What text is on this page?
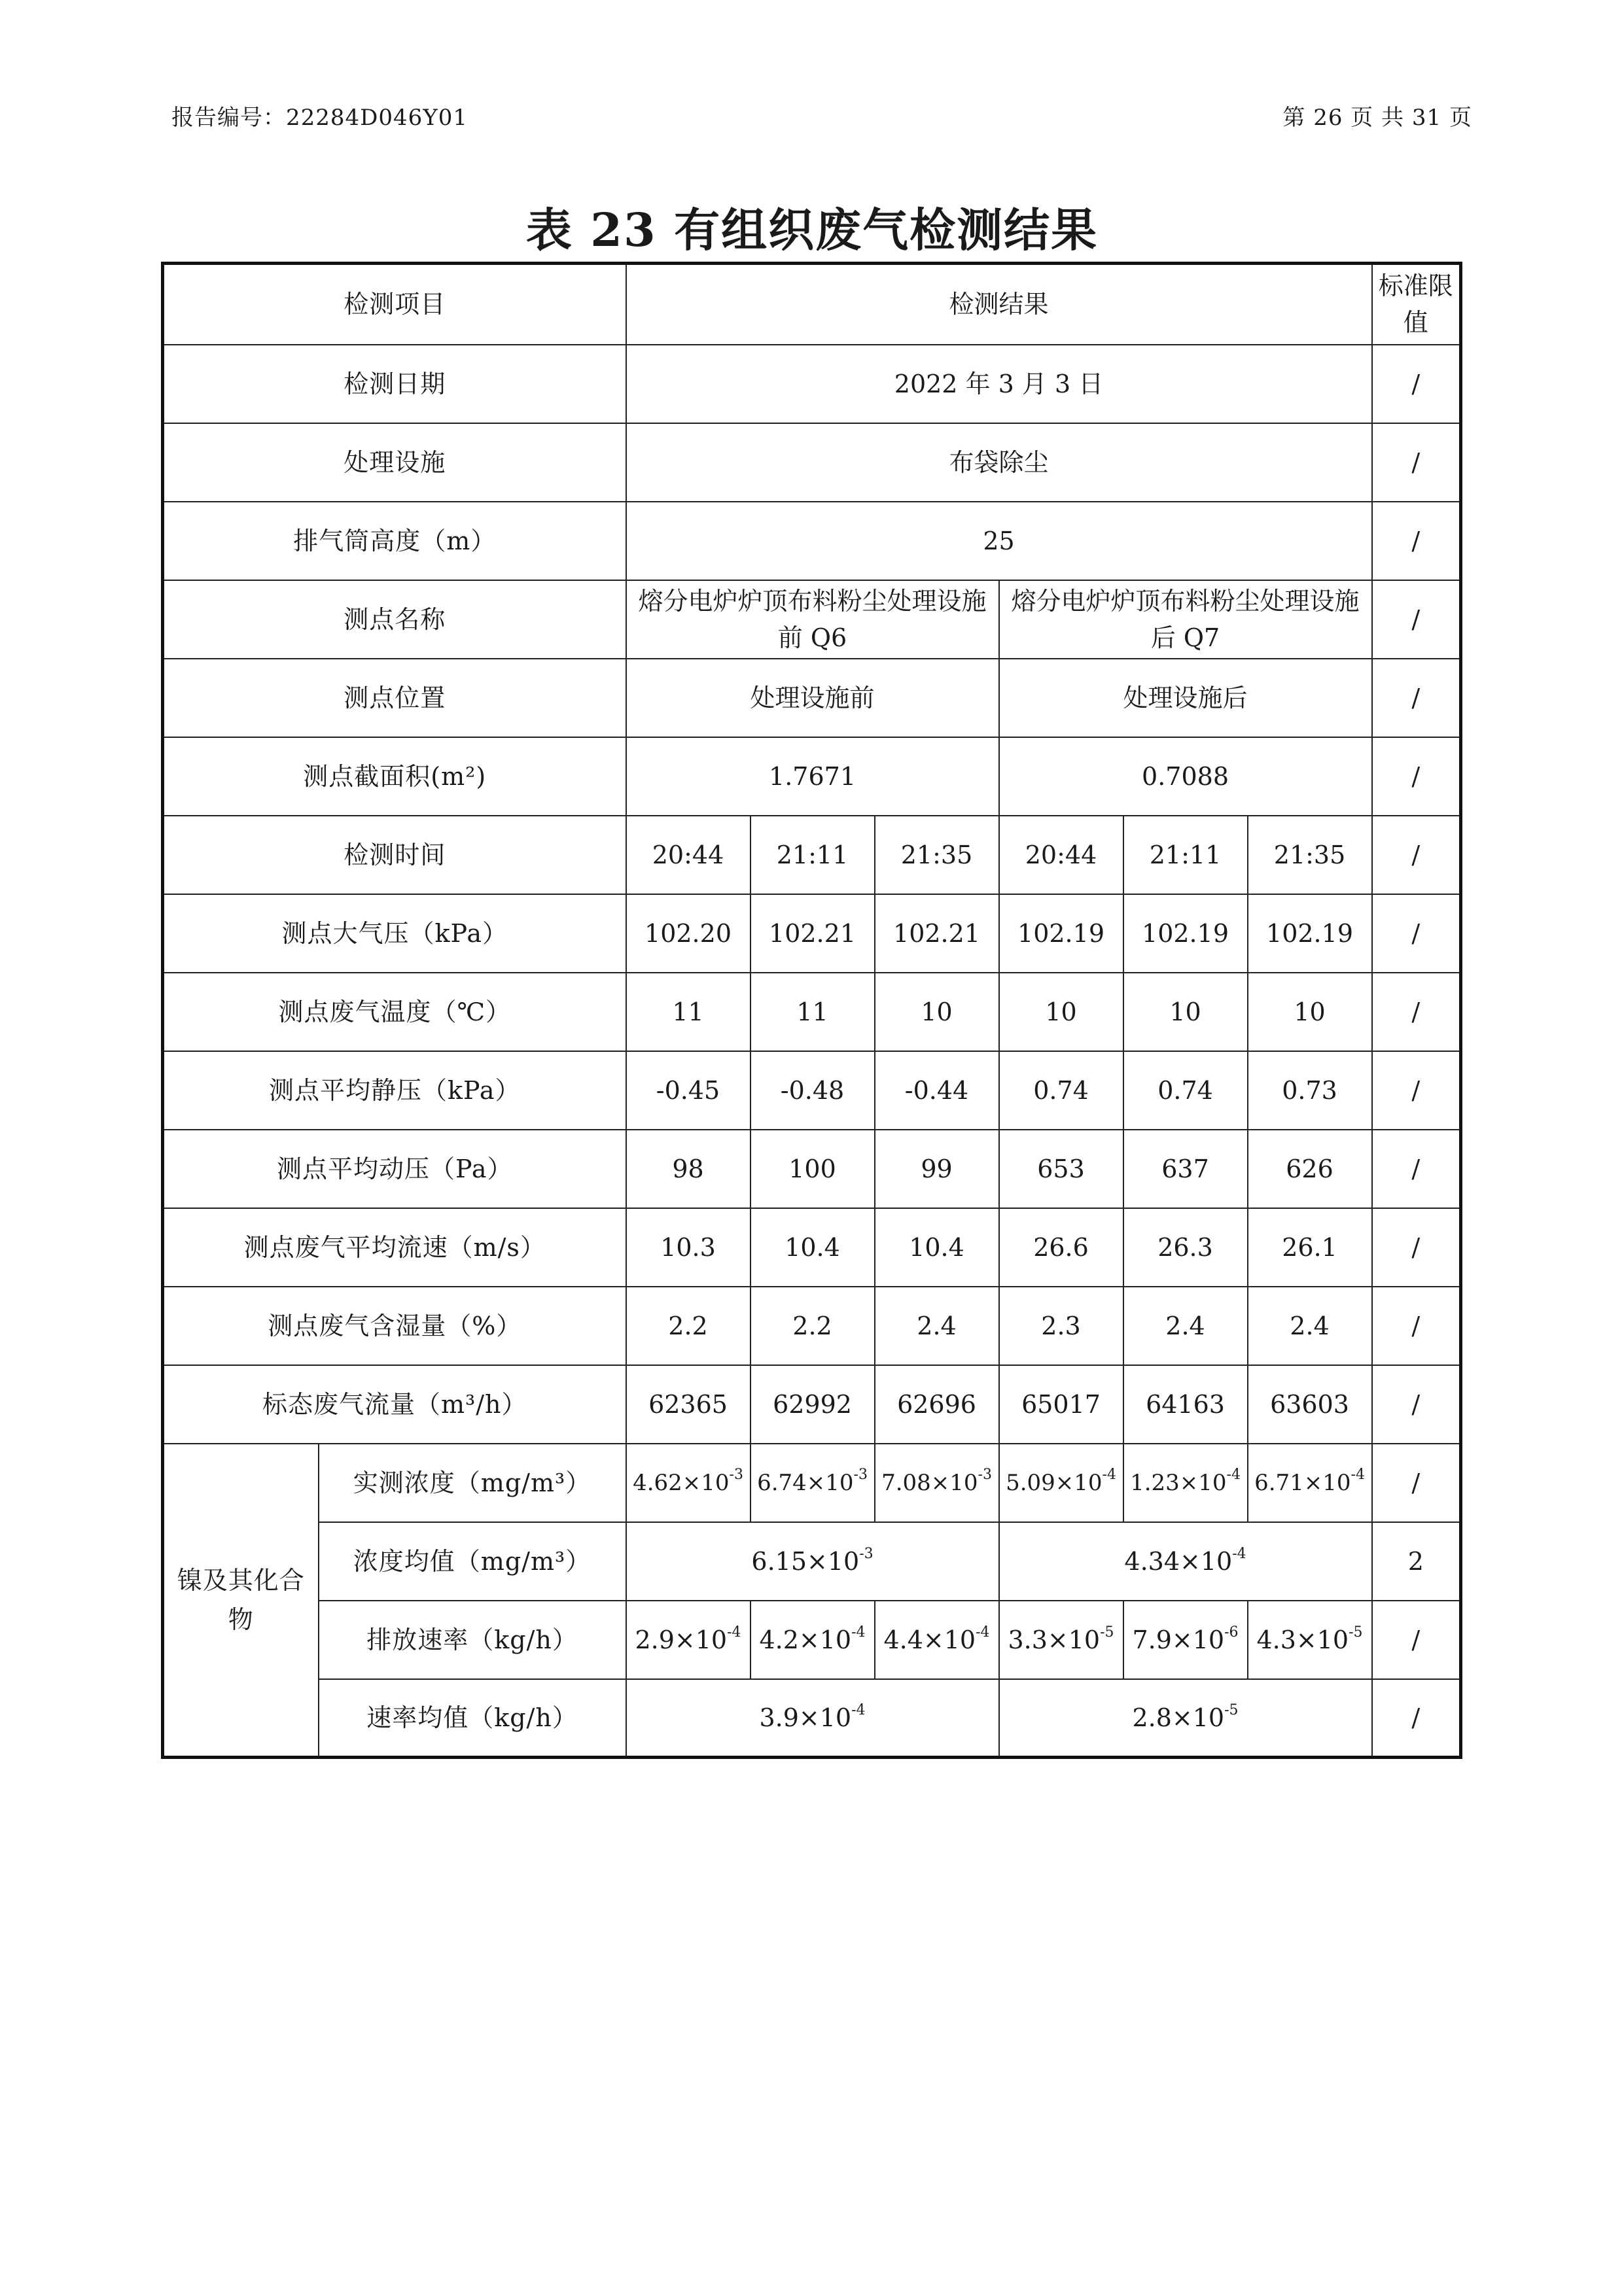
报告编号：22284D046Y01	第 26 页 共 31 页
表 23 有组织废气检测结果
检测项目		检测结果						标准限值
检测日期		2022 年 3 月 3 日						/
处理设施		布袋除尘						/
排气筒高度（m）		25						/
测点名称		熔分电炉炉顶布料粉尘处理设施前 Q6			熔分电炉炉顶布料粉尘处理设施后 Q7			/
测点位置		处理设施前			处理设施后			/
测点截面积(m²)		1.7671			0.7088			/
检测时间		20:44	21:11	21:35	20:44	21:11	21:35	/
测点大气压（kPa）		102.20	102.21	102.21	102.19	102.19	102.19	/
测点废气温度（℃）		11	11	10	10	10	10	/
测点平均静压（kPa）		-0.45	-0.48	-0.44	0.74	0.74	0.73	/
测点平均动压（Pa）		98	100	99	653	637	626	/
测点废气平均流速（m/s）		10.3	10.4	10.4	26.6	26.3	26.1	/
测点废气含湿量（%）		2.2	2.2	2.4	2.3	2.4	2.4	/
标态废气流量（m³/h）		62365	62992	62696	65017	64163	63603	/
镍及其化合物	实测浓度（mg/m³）	$4.62\times 10^{-3}$	$6.74\times 10^{-3}$	$7.08\times 10^{-3}$	$5.09\times 10^{-4}$	$1.23\times 10^{-4}$	$6.71\times 10^{-4}$	/
	浓度均值（mg/m³）	$6.15\times 10^{-3}$			$4.34\times 10^{-4}$			2
	排放速率（kg/h）	$2.9\times 10^{-4}$	$4.2\times 10^{-4}$	$4.4\times 10^{-4}$	$3.3\times 10^{-5}$	$7.9\times 10^{-6}$	$4.3\times 10^{-5}$	/
	速率均值（kg/h）	$3.9\times 10^{-4}$			$2.8\times 10^{-5}$			/
